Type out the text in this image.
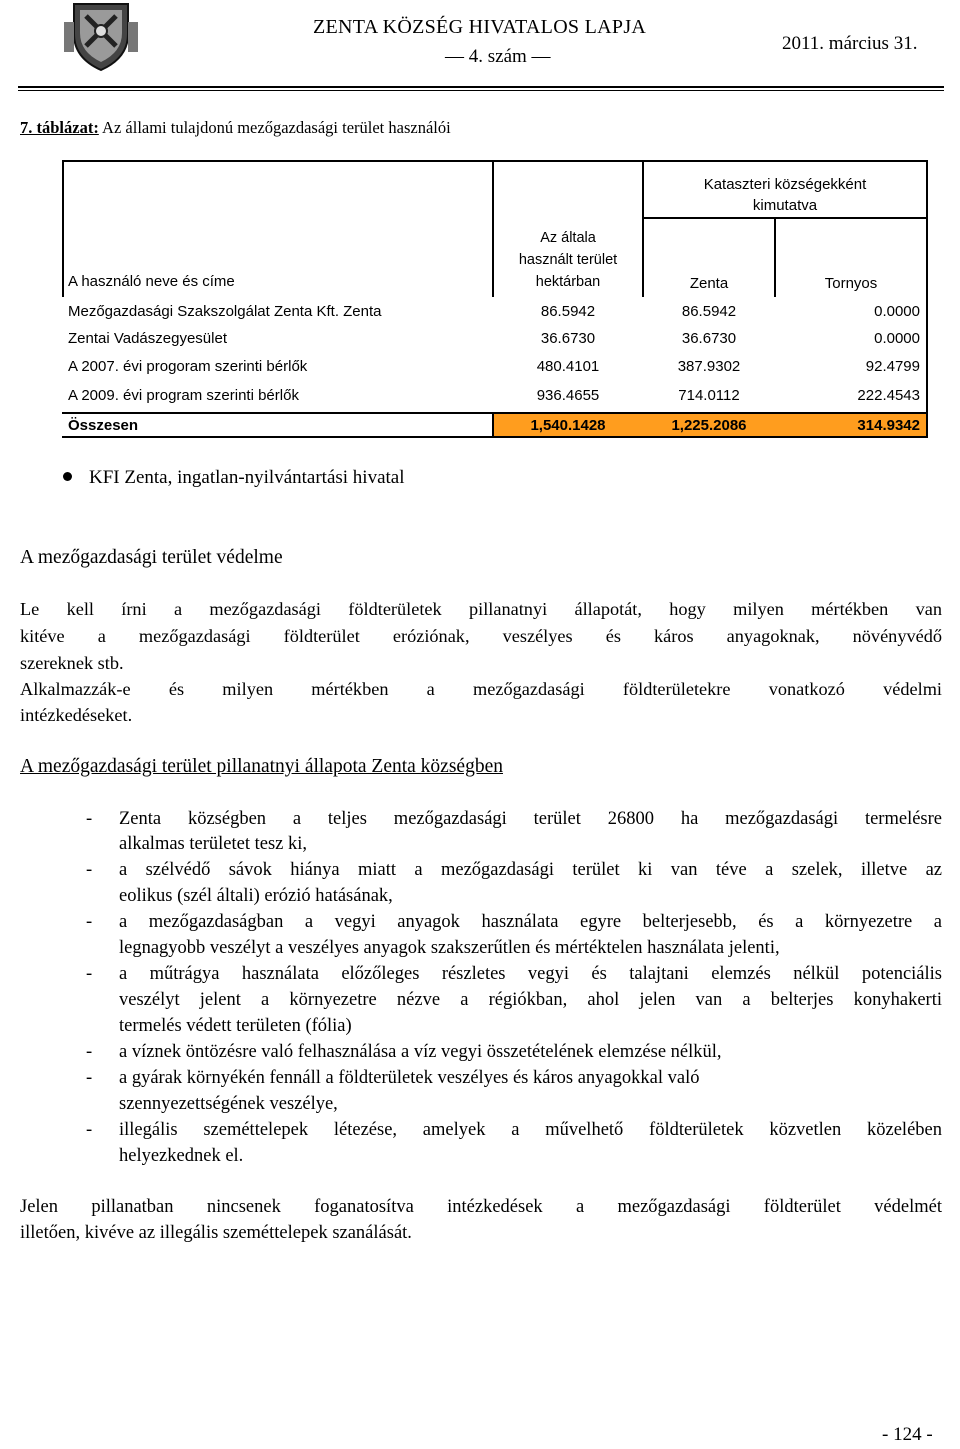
ZENTA KÖZSÉG HIVATALOS LAPJA
― 4. szám ―
2011. március 31.
7. táblázat: Az állami tulajdonú mezőgazdasági terület használói
A használó neve és címe
Az általa
használt terület
hektárban
Kataszteri községekként
kimutatva
Zenta	Tornyos
Mezőgazdasági Szakszolgálat Zenta Kft. Zenta	86.5942	86.5942	0.0000
Zentai Vadászegyesület	36.6730	36.6730	0.0000
A 2007. évi progoram szerinti bérlők	480.4101	387.9302	92.4799
A 2009. évi program szerinti bérlők	936.4655	714.0112	222.4543
Összesen	1,540.1428	1,225.2086	314.9342
KFI Zenta, ingatlan-nyilvántartási hivatal
A mezőgazdasági terület védelme
Le kell írni a mezőgazdasági földterületek pillanatnyi állapotát, hogy milyen mértékben van
kitéve a mezőgazdasági földterület eróziónak, veszélyes és káros anyagoknak, növényvédő
szereknek stb.
Alkalmazzák-e és milyen mértékben a mezőgazdasági földterületekre vonatkozó védelmi
intézkedéseket.
A mezőgazdasági terület pillanatnyi állapota Zenta községben
- Zenta községben a teljes mezőgazdasági terület 26800 ha mezőgazdasági termelésre
alkalmas területet tesz ki,
- a szélvédő sávok hiánya miatt a mezőgazdasági terület ki van téve a szelek, illetve az
eolikus (szél általi) erózió hatásának,
- a mezőgazdaságban a vegyi anyagok használata egyre belterjesebb, és a környezetre a
legnagyobb veszélyt a veszélyes anyagok szakszerűtlen és mértéktelen használata jelenti,
- a műtrágya használata előzőleges részletes vegyi és talajtani elemzés nélkül potenciális
veszélyt jelent a környezetre nézve a régiókban, ahol jelen van a belterjes konyhakerti
termelés védett területen (fólia)
- a víznek öntözésre való felhasználása a víz vegyi összetételének elemzése nélkül,
- a gyárak környékén fennáll a földterületek veszélyes és káros anyagokkal való
szennyezettségének veszélye,
- illegális szeméttelepek létezése, amelyek a művelhető földterületek közvetlen közelében
helyezkednek el.
Jelen pillanatban nincsenek foganatosítva intézkedések a mezőgazdasági földterület védelmét
illetően, kivéve az illegális szeméttelepek szanálását.
- 124 -
